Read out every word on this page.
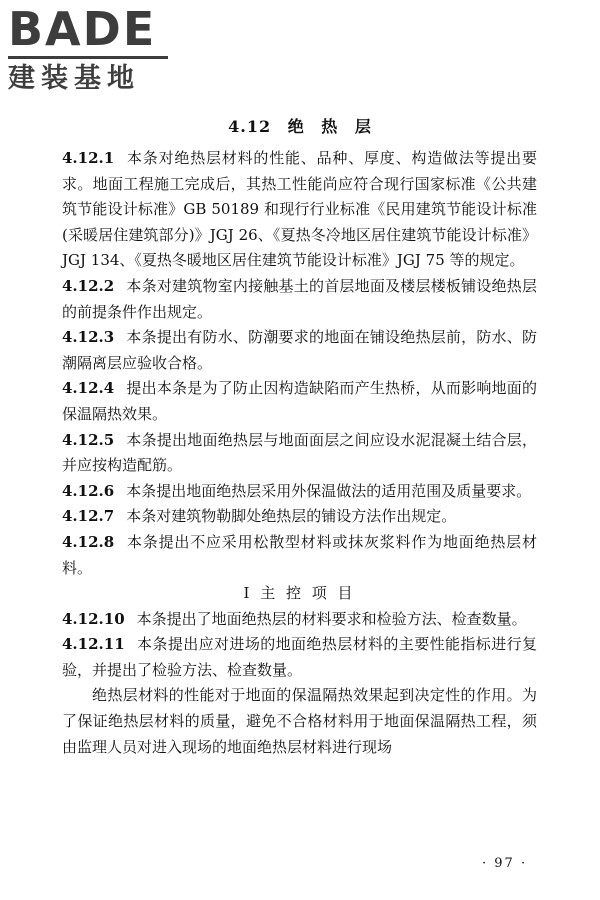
BADE
建装基地
4.12 绝 热 层

4.12.1 本条对绝热层材料的性能、品种、厚度、构造做法等提出要求。地面工程施工完成后，其热工性能尚应符合现行国家标准《公共建筑节能设计标准》GB 50189 和现行行业标准《民用建筑节能设计标准(采暖居住建筑部分)》JGJ 26、《夏热冬冷地区居住建筑节能设计标准》JGJ 134、《夏热冬暖地区居住建筑节能设计标准》JGJ 75 等的规定。

4.12.2 本条对建筑物室内接触基土的首层地面及楼层楼板铺设绝热层的前提条件作出规定。

4.12.3 本条提出有防水、防潮要求的地面在铺设绝热层前，防水、防潮隔离层应验收合格。

4.12.4 提出本条是为了防止因构造缺陷而产生热桥，从而影响地面的保温隔热效果。

4.12.5 本条提出地面绝热层与地面面层之间应设水泥混凝土结合层，并应按构造配筋。

4.12.6 本条提出地面绝热层采用外保温做法的适用范围及质量要求。

4.12.7 本条对建筑物勒脚处绝热层的铺设方法作出规定。

4.12.8 本条提出不应采用松散型材料或抹灰浆料作为地面绝热层材料。

Ⅰ 主 控 项 目

4.12.10 本条提出了地面绝热层的材料要求和检验方法、检查数量。

4.12.11 本条提出应对进场的地面绝热层材料的主要性能指标进行复验，并提出了检验方法、检查数量。

绝热层材料的性能对于地面的保温隔热效果起到决定性的作用。为了保证绝热层材料的质量，避免不合格材料用于地面保温隔热工程，须由监理人员对进入现场的地面绝热层材料进行现场

· 97 ·
